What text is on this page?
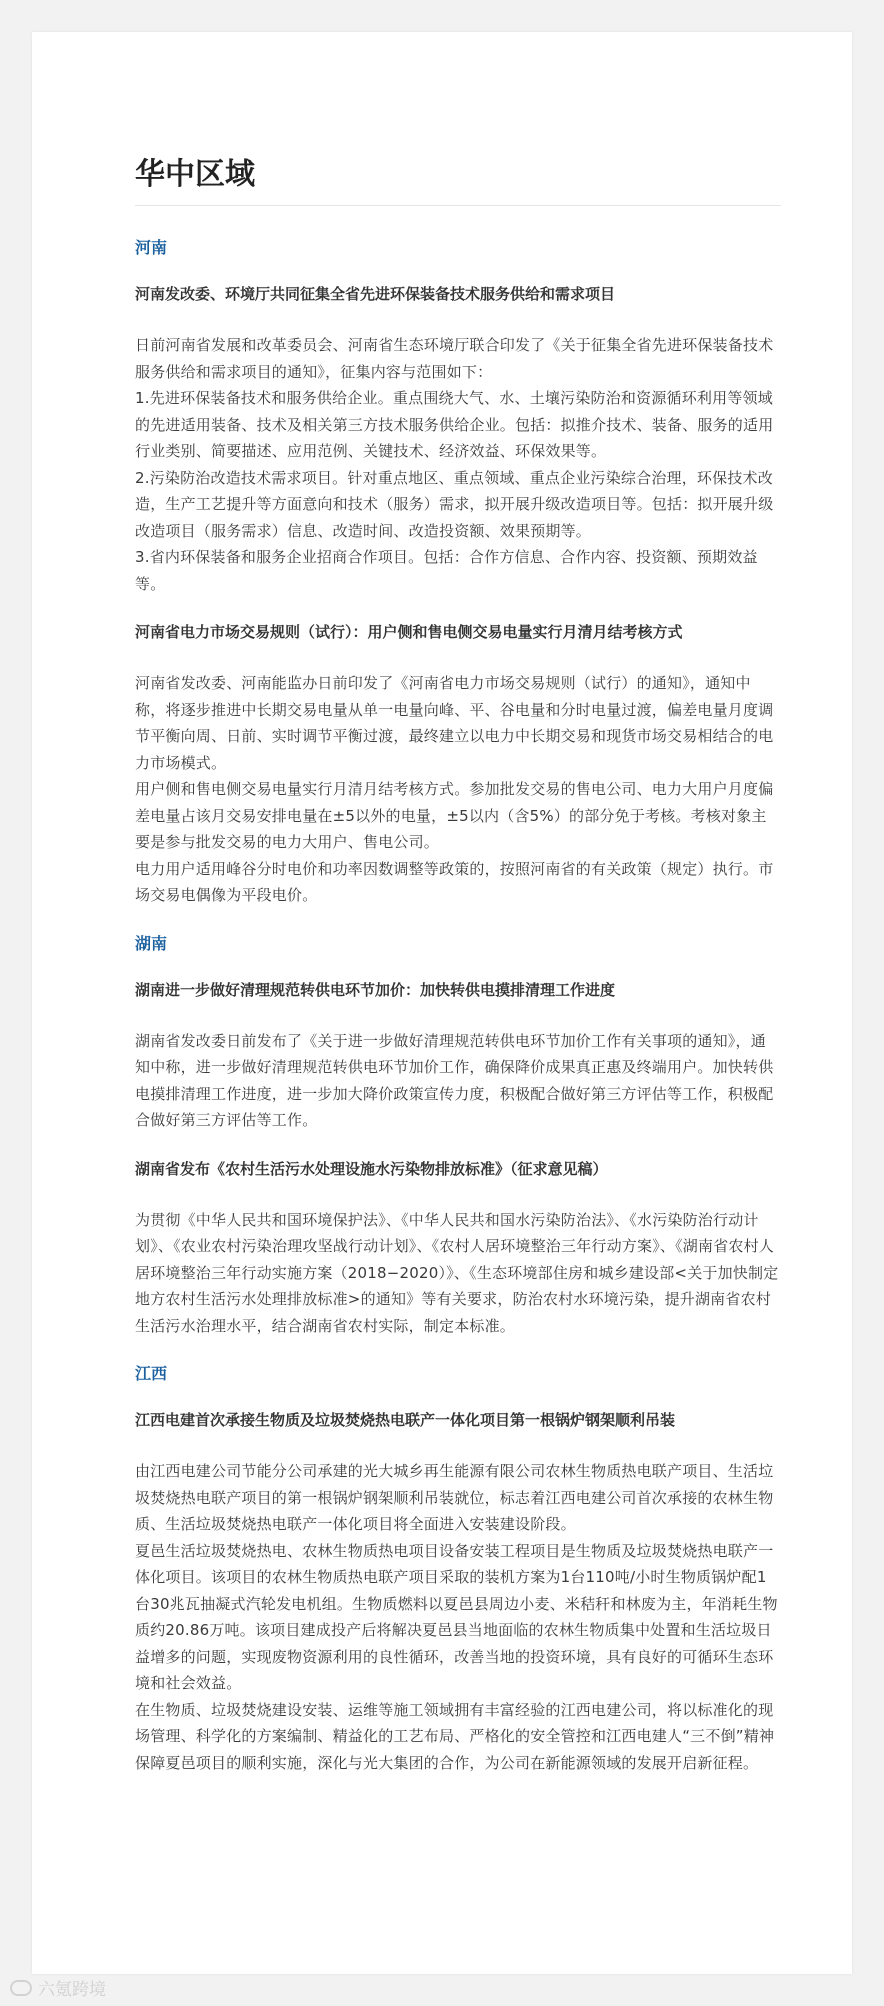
华中区域
河南
河南发改委、环境厅共同征集全省先进环保装备技术服务供给和需求项目

日前河南省发展和改革委员会、河南省生态环境厅联合印发了《关于征集全省先进环保装备技术服务供给和需求项目的通知》，征集内容与范围如下：

1.先进环保装备技术和服务供给企业。重点围绕大气、水、土壤污染防治和资源循环利用等领域的先进适用装备、技术及相关第三方技术服务供给企业。包括：拟推介技术、装备、服务的适用行业类别、简要描述、应用范例、关键技术、经济效益、环保效果等。

2.污染防治改造技术需求项目。针对重点地区、重点领域、重点企业污染综合治理，环保技术改造，生产工艺提升等方面意向和技术（服务）需求，拟开展升级改造项目等。包括：拟开展升级改造项目（服务需求）信息、改造时间、改造投资额、效果预期等。

3.省内环保装备和服务企业招商合作项目。包括：合作方信息、合作内容、投资额、预期效益等。

河南省电力市场交易规则（试行）：用户侧和售电侧交易电量实行月清月结考核方式

河南省发改委、河南能监办日前印发了《河南省电力市场交易规则（试行）的通知》，通知中称，将逐步推进中长期交易电量从单一电量向峰、平、谷电量和分时电量过渡，偏差电量月度调节平衡向周、日前、实时调节平衡过渡，最终建立以电力中长期交易和现货市场交易相结合的电力市场模式。

用户侧和售电侧交易电量实行月清月结考核方式。参加批发交易的售电公司、电力大用户月度偏差电量占该月交易安排电量在±5以外的电量，±5以内（含5%）的部分免于考核。考核对象主要是参与批发交易的电力大用户、售电公司。

电力用户适用峰谷分时电价和功率因数调整等政策的，按照河南省的有关政策（规定）执行。市场交易电偶像为平段电价。

湖南
湖南进一步做好清理规范转供电环节加价：加快转供电摸排清理工作进度

湖南省发改委日前发布了《关于进一步做好清理规范转供电环节加价工作有关事项的通知》，通知中称，进一步做好清理规范转供电环节加价工作，确保降价成果真正惠及终端用户。加快转供电摸排清理工作进度，进一步加大降价政策宣传力度，积极配合做好第三方评估等工作，积极配合做好第三方评估等工作。

湖南省发布《农村生活污水处理设施水污染物排放标准》（征求意见稿）

为贯彻《中华人民共和国环境保护法》、《中华人民共和国水污染防治法》、《水污染防治行动计划》、《农业农村污染治理攻坚战行动计划》、《农村人居环境整治三年行动方案》、《湖南省农村人居环境整治三年行动实施方案（2018−2020）》、《生态环境部住房和城乡建设部<关于加快制定地方农村生活污水处理排放标准>的通知》等有关要求，防治农村水环境污染，提升湖南省农村生活污水治理水平，结合湖南省农村实际，制定本标准。

江西
江西电建首次承接生物质及垃圾焚烧热电联产一体化项目第一根锅炉钢架顺利吊装

由江西电建公司节能分公司承建的光大城乡再生能源有限公司农林生物质热电联产项目、生活垃圾焚烧热电联产项目的第一根锅炉钢架顺利吊装就位，标志着江西电建公司首次承接的农林生物质、生活垃圾焚烧热电联产一体化项目将全面进入安装建设阶段。

夏邑生活垃圾焚烧热电、农林生物质热电项目设备安装工程项目是生物质及垃圾焚烧热电联产一体化项目。该项目的农林生物质热电联产项目采取的装机方案为1台110吨/小时生物质锅炉配1台30兆瓦抽凝式汽轮发电机组。生物质燃料以夏邑县周边小麦、米秸秆和林废为主，年消耗生物质约20.86万吨。该项目建成投产后将解决夏邑县当地面临的农林生物质集中处置和生活垃圾日益增多的问题，实现废物资源利用的良性循环，改善当地的投资环境，具有良好的可循环生态环境和社会效益。

在生物质、垃圾焚烧建设安装、运维等施工领域拥有丰富经验的江西电建公司，将以标准化的现场管理、科学化的方案编制、精益化的工艺布局、严格化的安全管控和江西电建人“三不倒”精神保障夏邑项目的顺利实施，深化与光大集团的合作，为公司在新能源领域的发展开启新征程。

六氪跨境
